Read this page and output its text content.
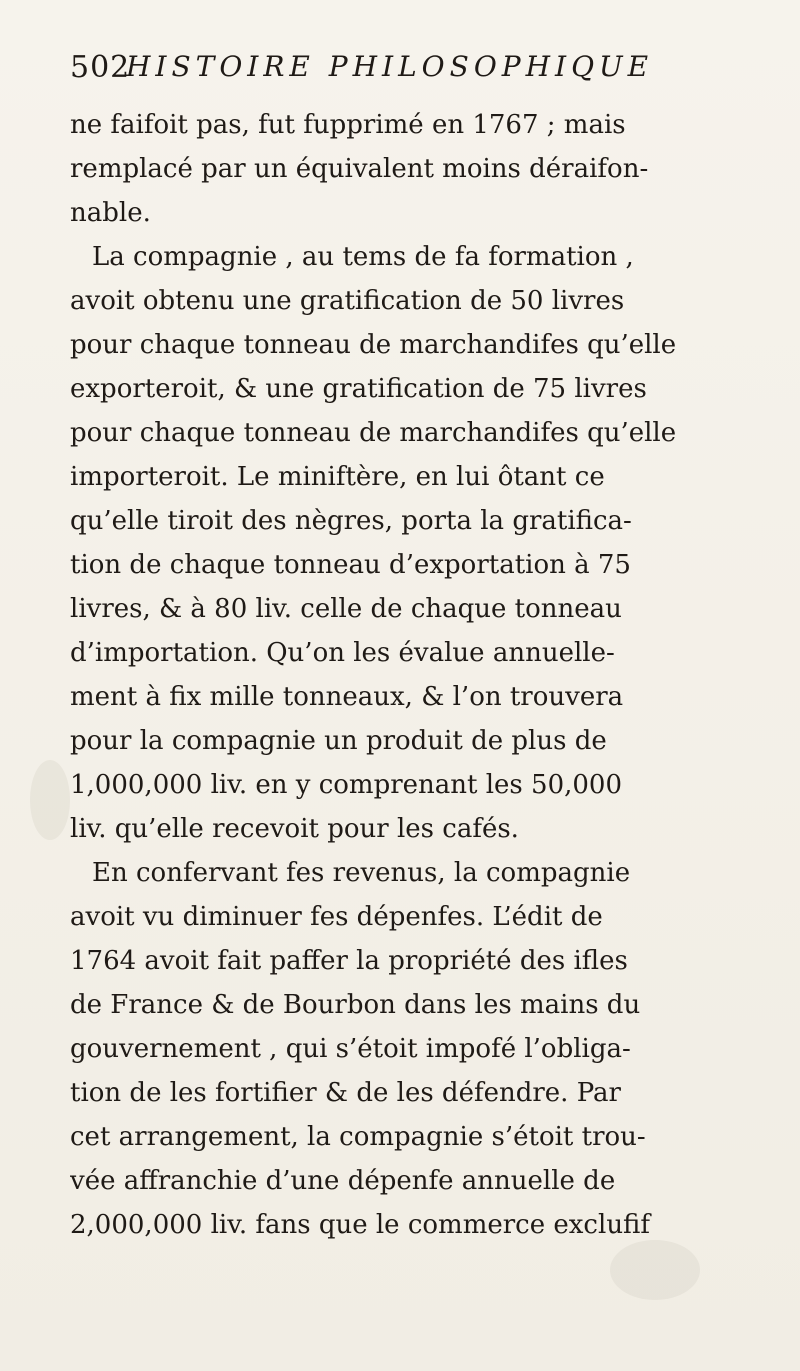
502
HISTOIRE PHILOSOPHIQUE
ne faifoit pas, fut fupprimé en 1767 ; mais
remplacé par un équivalent moins déraifon-
nable.
La compagnie , au tems de fa formation ,
avoit obtenu une gratification de 50 livres
pour chaque tonneau de marchandifes qu’elle
exporteroit, & une gratification de 75 livres
pour chaque tonneau de marchandifes qu’elle
importeroit. Le miniftère, en lui ôtant ce
qu’elle tiroit des nègres, porta la gratifica-
tion de chaque tonneau d’exportation à 75
livres, & à 80 liv. celle de chaque tonneau
d’importation. Qu’on les évalue annuelle-
ment à fix mille tonneaux, & l’on trouvera
pour la compagnie un produit de plus de
1,000,000 liv. en y comprenant les 50,000
liv. qu’elle recevoit pour les cafés.
En confervant fes revenus, la compagnie
avoit vu diminuer fes dépenfes. L’édit de
1764 avoit fait paffer la propriété des ifles
de France & de Bourbon dans les mains du
gouvernement , qui s’étoit impofé l’obliga-
tion de les fortifier & de les défendre. Par
cet arrangement, la compagnie s’étoit trou-
vée affranchie d’une dépenfe annuelle de
2,000,000 liv. fans que le commerce exclufif
